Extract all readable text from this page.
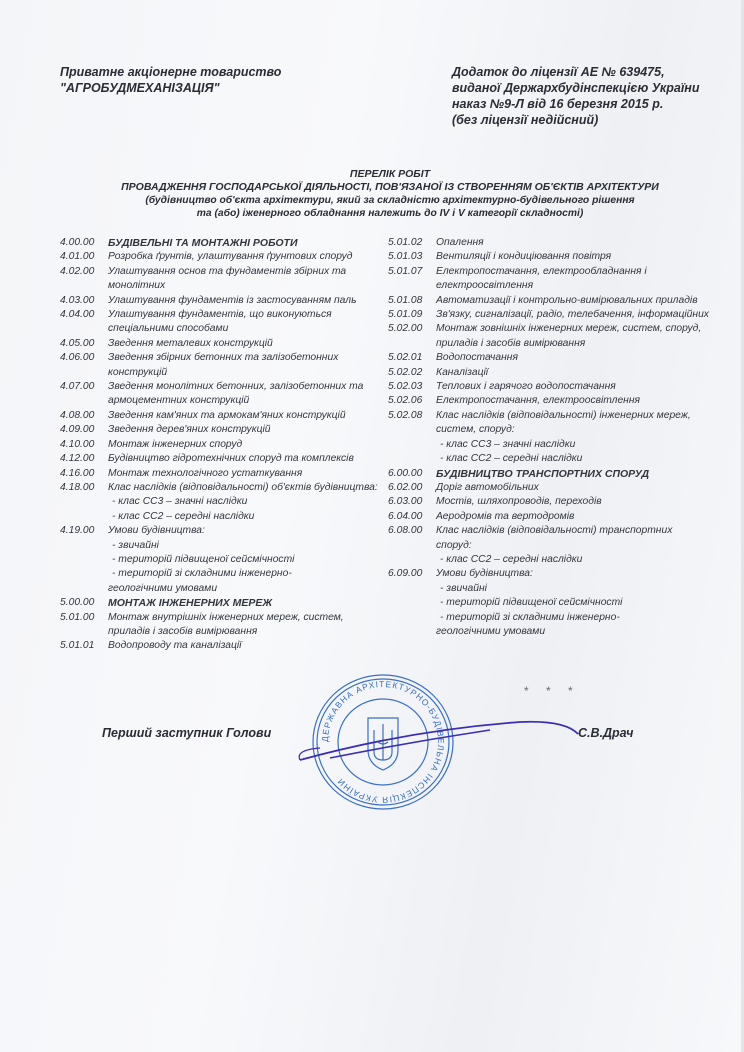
Приватне акціонерне товариство
"АГРОБУДМЕХАНІЗАЦІЯ"
Додаток до ліцензії АЕ № 639475,
виданої Держархбудінспекцією України
наказ №9-Л від 16 березня 2015 р.
(без ліцензії недійсний)
ПЕРЕЛІК РОБІТ
ПРОВАДЖЕННЯ ГОСПОДАРСЬКОЇ ДІЯЛЬНОСТІ, ПОВ'ЯЗАНОЇ ІЗ СТВОРЕННЯМ ОБ'ЄКТІВ АРХІТЕКТУРИ
(будівництво об'єкта архітектури, який за складністю архітектурно-будівельного рішення
та (або) іженерного обладнання належить до IV і V категорії складності)
4.00.00	БУДІВЕЛЬНІ ТА МОНТАЖНІ РОБОТИ
4.01.00	Розробка ґрунтів, улаштування ґрунтових споруд
4.02.00	Улаштування основ та фундаментів збірних та монолітних
4.03.00	Улаштування фундаментів із застосуванням паль
4.04.00	Улаштування фундаментів, що виконуються спеціальними способами
4.05.00	Зведення металевих конструкцій
4.06.00	Зведення збірних бетонних та залізобетонних конструкцій
4.07.00	Зведення монолітних бетонних, залізобетонних та армоцементних конструкцій
4.08.00	Зведення кам'яних та армокам'яних конструкцій
4.09.00	Зведення дерев'яних конструкцій
4.10.00	Монтаж інженерних споруд
4.12.00	Будівництво гідротехнічних споруд та комплексів
4.16.00	Монтаж технологічного устаткування
4.18.00	Клас наслідків (відповідальності) об'єктів будівництва:
- клас СС3 – значні наслідки
- клас СС2 – середні наслідки
4.19.00	Умови будівництва:
- звичайні
- територій підвищеної сейсмічності
- територій зі складними інженерно-
геологічними умовами
5.00.00	МОНТАЖ ІНЖЕНЕРНИХ МЕРЕЖ
5.01.00	Монтаж внутрішніх інженерних мереж, систем, приладів і засобів вимірювання
5.01.01	Водопроводу та каналізації
5.01.02	Опалення
5.01.03	Вентиляції і кондиціювання повітря
5.01.07	Електропостачання, електрообладнання і електроосвітлення
5.01.08	Автоматизації і контрольно-вимірювальних приладів
5.01.09	Зв'язку, сигналізації, радіо, телебачення, інформаційних
5.02.00	Монтаж зовнішніх інженерних мереж, систем, споруд, приладів і засобів вимірювання
5.02.01	Водопостачання
5.02.02	Каналізації
5.02.03	Теплових і гарячого водопостачання
5.02.06	Електропостачання, електроосвітлення
5.02.08	Клас наслідків (відповідальності) інженерних мереж, систем, споруд:
- клас СС3 – значні наслідки
- клас СС2 – середні наслідки
6.00.00	БУДІВНИЦТВО ТРАНСПОРТНИХ СПОРУД
6.02.00	Доріг автомобільних
6.03.00	Мостів, шляхопроводів, переходів
6.04.00	Аеродромів та вертодромів
6.08.00	Клас наслідків (відповідальності) транспортних споруд:
- клас СС2 – середні наслідки
6.09.00	Умови будівництва:
- звичайні
- територій підвищеної сейсмічності
- територій зі складними інженерно-
геологічними умовами
* * *
Перший заступник Голови	С.В.Драч
ДЕРЖАВНА АРХІТЕКТУРНО-БУДІВЕЛЬНА ІНСПЕКЦІЯ УКРАЇНИ
